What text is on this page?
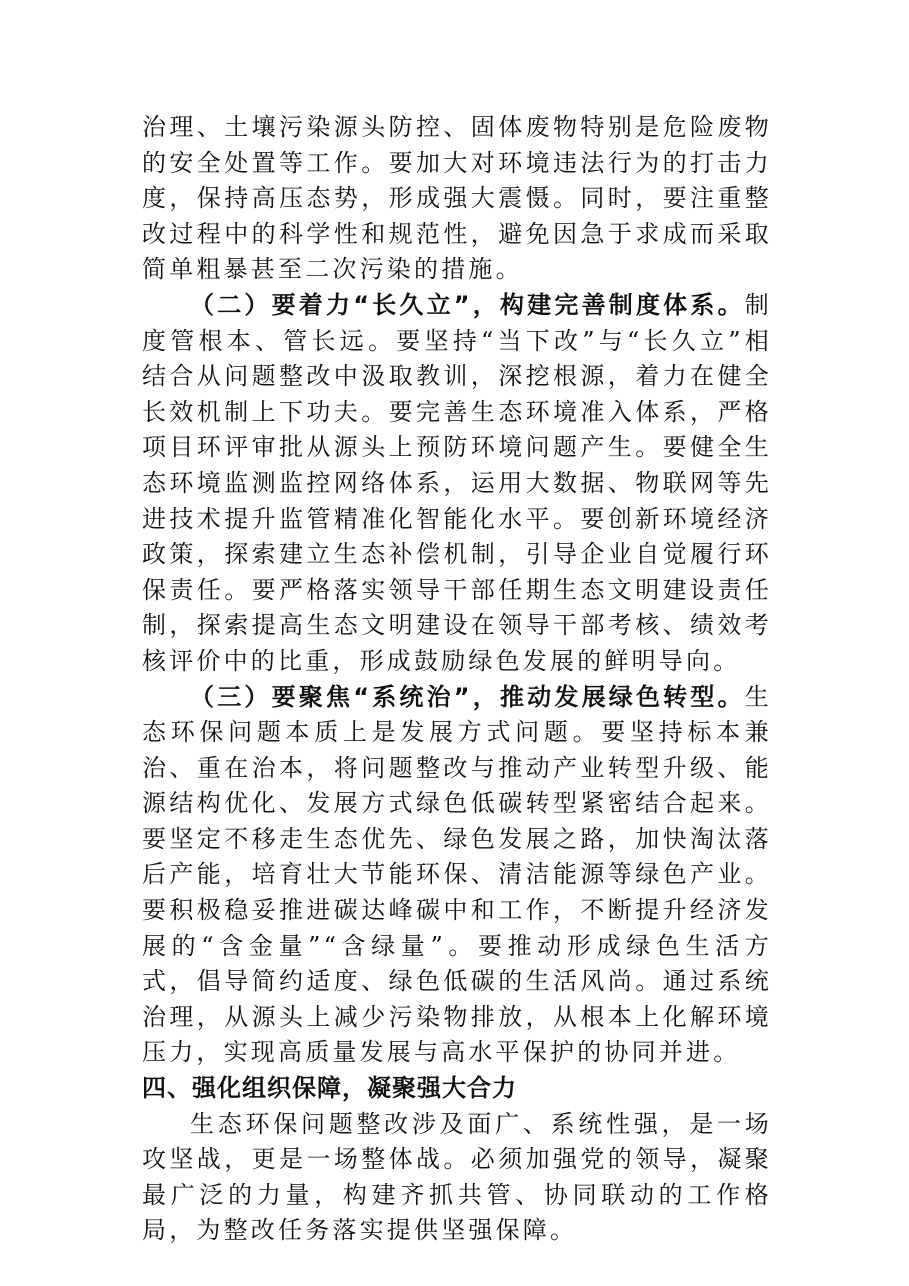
治理、土壤污染源头防控、固体废物特别是危险废物的安全处置等工作。要加大对环境违法行为的打击力度，保持高压态势，形成强大震慑。同时，要注重整改过程中的科学性和规范性，避免因急于求成而采取简单粗暴甚至二次污染的措施。

（二）要着力“长久立”，构建完善制度体系。制度管根本、管长远。要坚持“当下改”与“长久立”相结合从问题整改中汲取教训，深挖根源，着力在健全长效机制上下功夫。要完善生态环境准入体系，严格项目环评审批从源头上预防环境问题产生。要健全生态环境监测监控网络体系，运用大数据、物联网等先进技术提升监管精准化智能化水平。要创新环境经济政策，探索建立生态补偿机制，引导企业自觉履行环保责任。要严格落实领导干部任期生态文明建设责任制，探索提高生态文明建设在领导干部考核、绩效考核评价中的比重，形成鼓励绿色发展的鲜明导向。

（三）要聚焦“系统治”，推动发展绿色转型。生态环保问题本质上是发展方式问题。要坚持标本兼治、重在治本，将问题整改与推动产业转型升级、能源结构优化、发展方式绿色低碳转型紧密结合起来。要坚定不移走生态优先、绿色发展之路，加快淘汰落后产能，培育壮大节能环保、清洁能源等绿色产业。要积极稳妥推进碳达峰碳中和工作，不断提升经济发展的“含金量”“含绿量”。要推动形成绿色生活方式，倡导简约适度、绿色低碳的生活风尚。通过系统治理，从源头上减少污染物排放，从根本上化解环境压力，实现高质量发展与高水平保护的协同并进。

四、强化组织保障，凝聚强大合力

生态环保问题整改涉及面广、系统性强，是一场攻坚战，更是一场整体战。必须加强党的领导，凝聚最广泛的力量，构建齐抓共管、协同联动的工作格局，为整改任务落实提供坚强保障。
